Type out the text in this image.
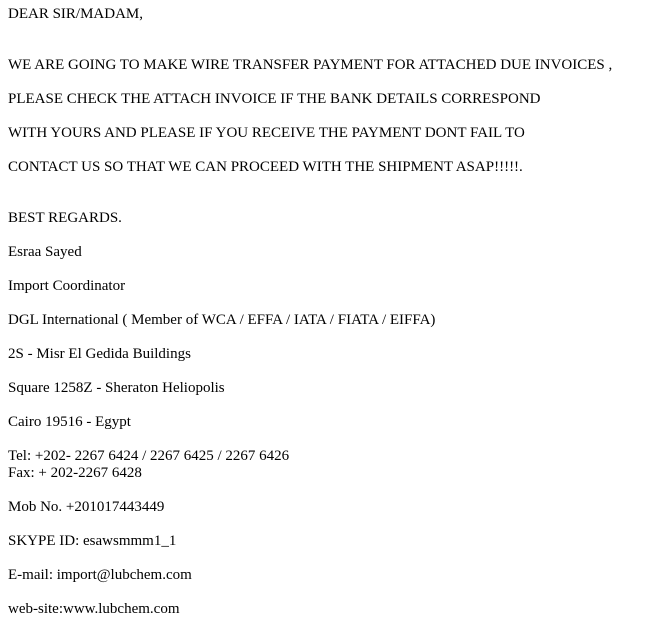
DEAR SIR/MADAM,
WE ARE GOING TO MAKE WIRE TRANSFER PAYMENT FOR ATTACHED DUE INVOICES ,
PLEASE CHECK THE ATTACH INVOICE IF THE BANK DETAILS CORRESPOND
WITH YOURS AND PLEASE IF YOU RECEIVE THE PAYMENT DONT FAIL TO
CONTACT US SO THAT WE CAN PROCEED WITH THE SHIPMENT ASAP!!!!!.
BEST REGARDS.
Esraa Sayed
Import Coordinator
DGL International ( Member of WCA / EFFA / IATA / FIATA / EIFFA)
2S - Misr El Gedida Buildings
Square 1258Z - Sheraton Heliopolis
Cairo 19516 - Egypt
Tel: +202- 2267 6424 / 2267 6425 / 2267 6426
Fax: + 202-2267 6428
Mob No. +201017443449
SKYPE ID: esawsmmm1_1
E-mail: import@lubchem.com
web-site:www.lubchem.com
